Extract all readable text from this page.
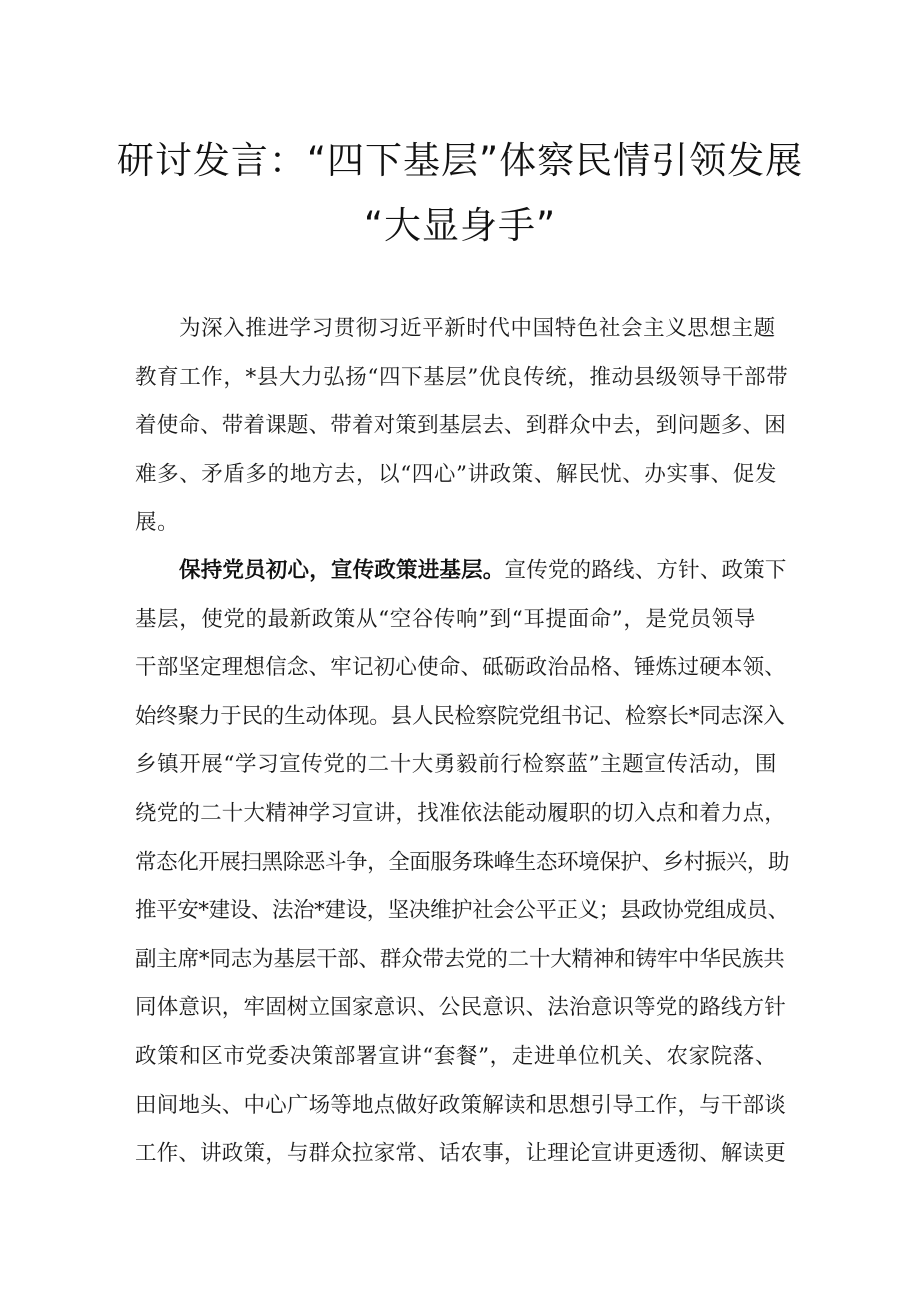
研讨发言：“四下基层”体察民情引领发展
“大显身手”
为深入推进学习贯彻习近平新时代中国特色社会主义思想主题
教育工作，*县大力弘扬“四下基层”优良传统，推动县级领导干部带
着使命、带着课题、带着对策到基层去、到群众中去，到问题多、困
难多、矛盾多的地方去，以“四心”讲政策、解民忧、办实事、促发
展。
保持党员初心，宣传政策进基层。宣传党的路线、方针、政策下
基层，使党的最新政策从“空谷传响”到“耳提面命”，是党员领导
干部坚定理想信念、牢记初心使命、砥砺政治品格、锤炼过硬本领、
始终聚力于民的生动体现。县人民检察院党组书记、检察长*同志深入
乡镇开展“学习宣传党的二十大勇毅前行检察蓝”主题宣传活动，围
绕党的二十大精神学习宣讲，找准依法能动履职的切入点和着力点，
常态化开展扫黑除恶斗争，全面服务珠峰生态环境保护、乡村振兴，助
推平安*建设、法治*建设，坚决维护社会公平正义；县政协党组成员、
副主席*同志为基层干部、群众带去党的二十大精神和铸牢中华民族共
同体意识，牢固树立国家意识、公民意识、法治意识等党的路线方针
政策和区市党委决策部署宣讲“套餐”，走进单位机关、农家院落、
田间地头、中心广场等地点做好政策解读和思想引导工作，与干部谈
工作、讲政策，与群众拉家常、话农事，让理论宣讲更透彻、解读更
